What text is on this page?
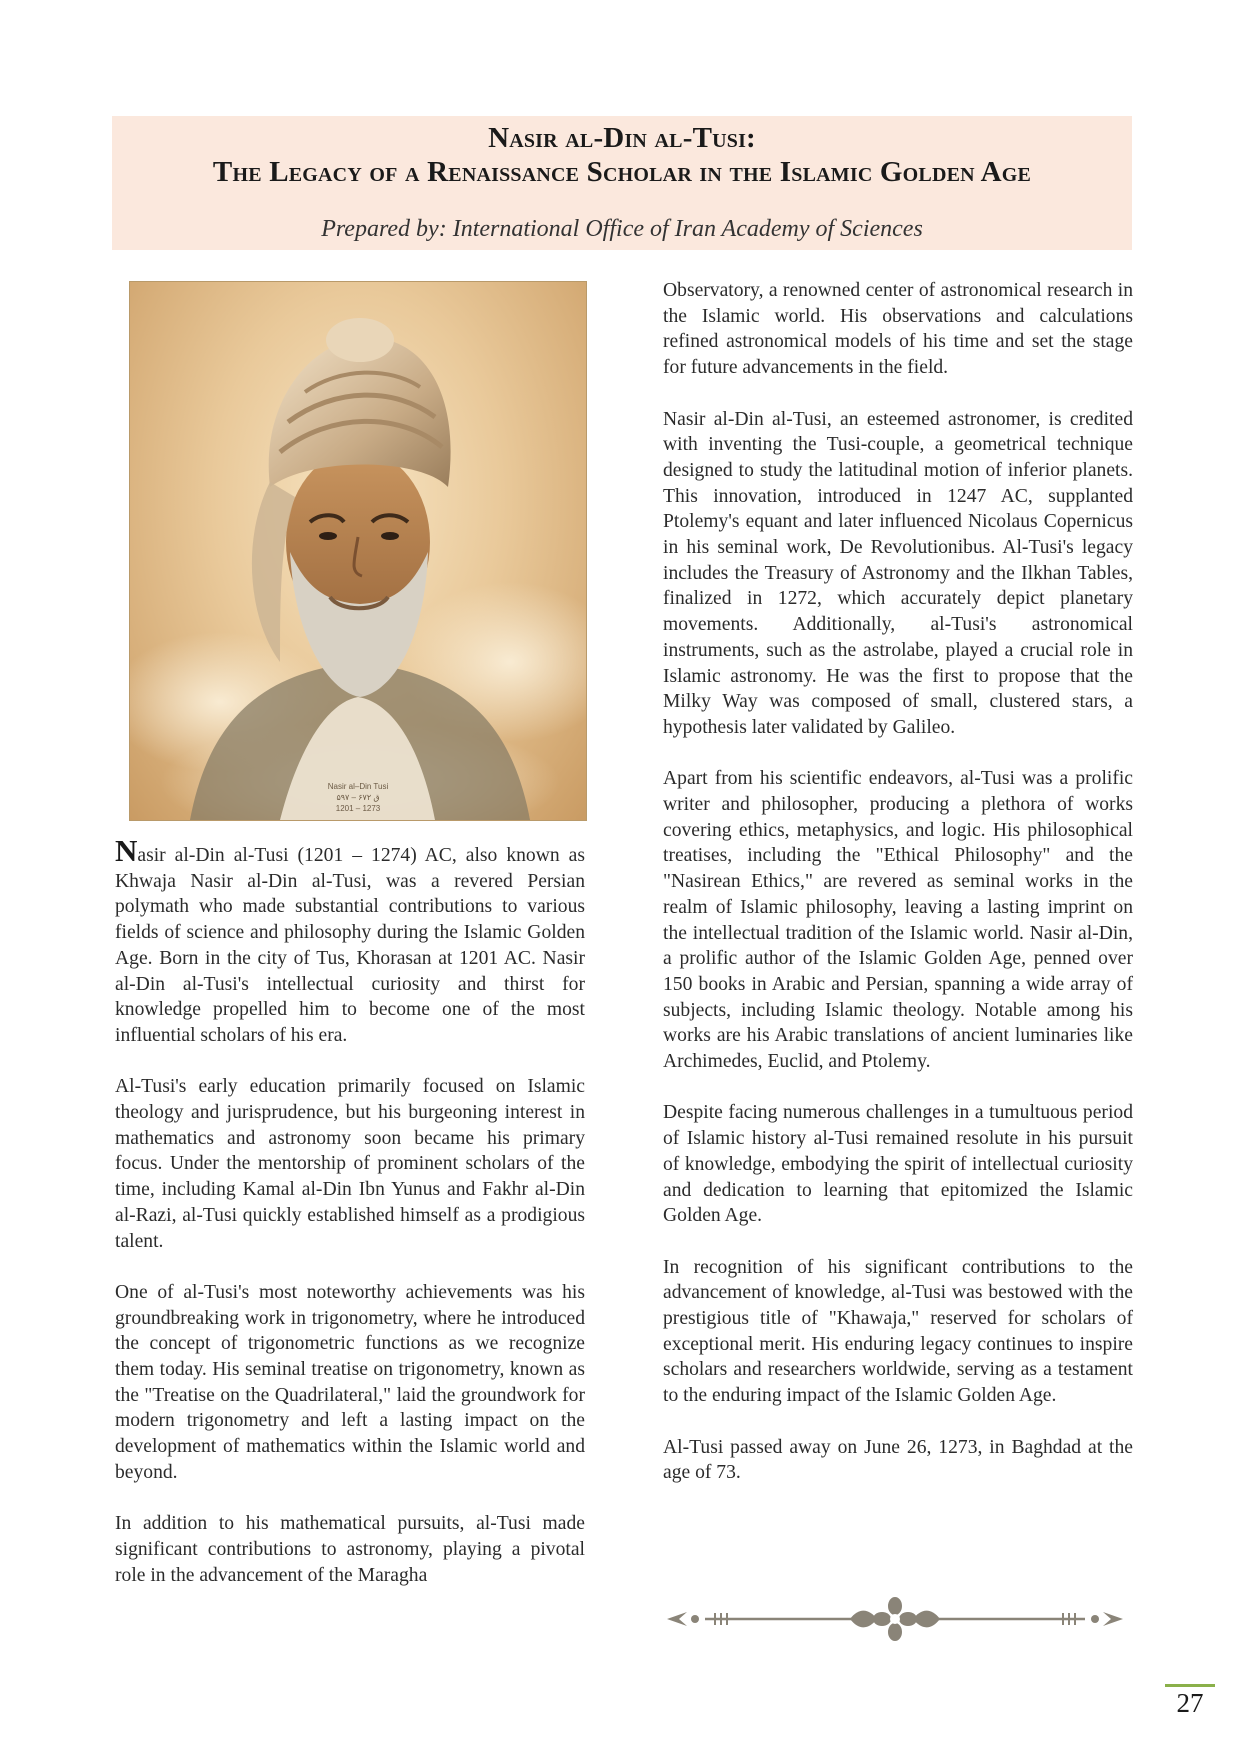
Nasir al-Din al-Tusi:
The Legacy of a Renaissance Scholar in the Islamic Golden Age
Prepared by: International Office of Iran Academy of Sciences
Nasir al–Din Tusi
۵۹۷ – ۶۷۲ ق
1201 – 1273

Nasir al-Din al-Tusi (1201 – 1274) AC, also known as Khwaja Nasir al-Din al-Tusi, was a revered Persian polymath who made substantial contributions to various fields of science and philosophy during the Islamic Golden Age. Born in the city of Tus, Khorasan at 1201 AC. Nasir al-Din al-Tusi's intellectual curiosity and thirst for knowledge propelled him to become one of the most influential scholars of his era.

Al-Tusi's early education primarily focused on Islamic theology and jurisprudence, but his burgeoning interest in mathematics and astronomy soon became his primary focus. Under the mentorship of prominent scholars of the time, including Kamal al-Din Ibn Yunus and Fakhr al-Din al-Razi, al-Tusi quickly established himself as a prodigious talent.

One of al-Tusi's most noteworthy achievements was his groundbreaking work in trigonometry, where he introduced the concept of trigonometric functions as we recognize them today. His seminal treatise on trigonometry, known as the "Treatise on the Quadrilateral," laid the groundwork for modern trigonometry and left a lasting impact on the development of mathematics within the Islamic world and beyond.

In addition to his mathematical pursuits, al-Tusi made significant contributions to astronomy, playing a pivotal role in the advancement of the Maragha

Observatory, a renowned center of astronomical research in the Islamic world. His observations and calculations refined astronomical models of his time and set the stage for future advancements in the field.

Nasir al-Din al-Tusi, an esteemed astronomer, is credited with inventing the Tusi-couple, a geometrical technique designed to study the latitudinal motion of inferior planets. This innovation, introduced in 1247 AC, supplanted Ptolemy's equant and later influenced Nicolaus Copernicus in his seminal work, De Revolutionibus. Al-Tusi's legacy includes the Treasury of Astronomy and the Ilkhan Tables, finalized in 1272, which accurately depict planetary movements. Additionally, al-Tusi's astronomical instruments, such as the astrolabe, played a crucial role in Islamic astronomy. He was the first to propose that the Milky Way was composed of small, clustered stars, a hypothesis later validated by Galileo.

Apart from his scientific endeavors, al-Tusi was a prolific writer and philosopher, producing a plethora of works covering ethics, metaphysics, and logic. His philosophical treatises, including the "Ethical Philosophy" and the "Nasirean Ethics," are revered as seminal works in the realm of Islamic philosophy, leaving a lasting imprint on the intellectual tradition of the Islamic world. Nasir al-Din, a prolific author of the Islamic Golden Age, penned over 150 books in Arabic and Persian, spanning a wide array of subjects, including Islamic theology. Notable among his works are his Arabic translations of ancient luminaries like Archimedes, Euclid, and Ptolemy.

Despite facing numerous challenges in a tumultuous period of Islamic history al-Tusi remained resolute in his pursuit of knowledge, embodying the spirit of intellectual curiosity and dedication to learning that epitomized the Islamic Golden Age.

In recognition of his significant contributions to the advancement of knowledge, al-Tusi was bestowed with the prestigious title of "Khawaja," reserved for scholars of exceptional merit. His enduring legacy continues to inspire scholars and researchers worldwide, serving as a testament to the enduring impact of the Islamic Golden Age.

Al-Tusi passed away on June 26, 1273, in Baghdad at the age of 73.

27
